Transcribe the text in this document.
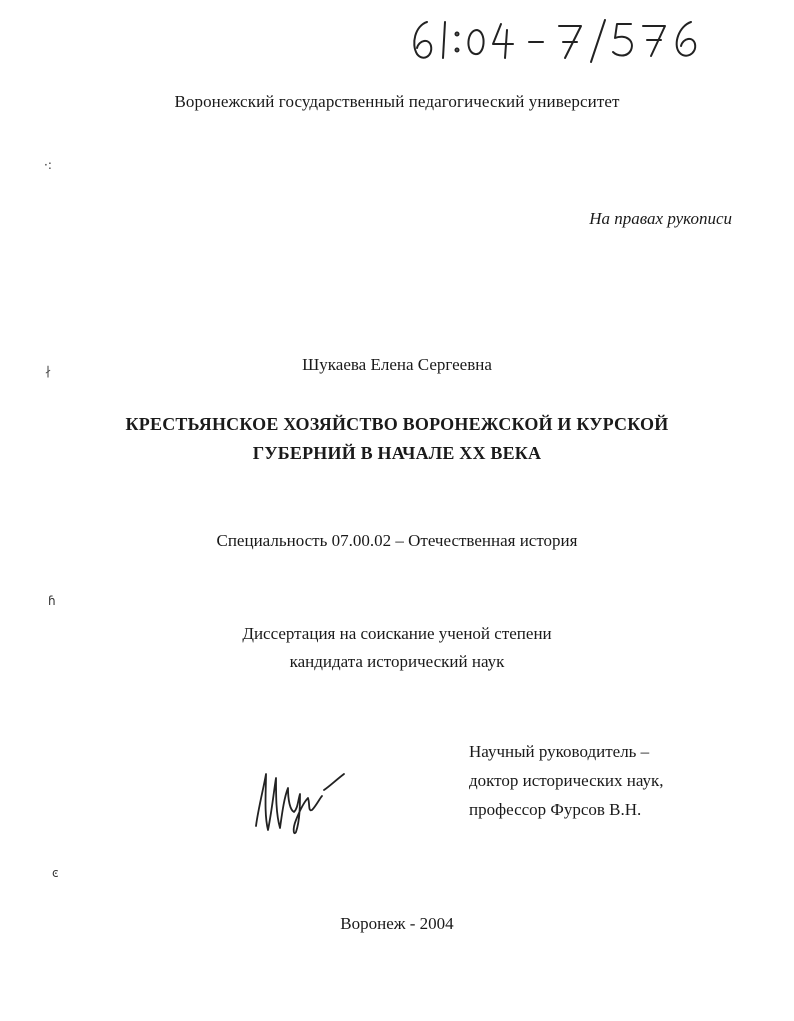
Воронежский государственный педагогический университет
На правах рукописи
Шукаева Елена Сергеевна
КРЕСТЬЯНСКОЕ ХОЗЯЙСТВО ВОРОНЕЖСКОЙ И КУРСКОЙ
ГУБЕРНИЙ В НАЧАЛЕ XX ВЕКА
Специальность 07.00.02 – Отечественная история
Диссертация на соискание ученой степени
кандидата исторический наук
Научный руководитель –
доктор исторических наук,
профессор Фурсов В.Н.
Воронеж - 2004
·:
∤
ɦ
ͼ
